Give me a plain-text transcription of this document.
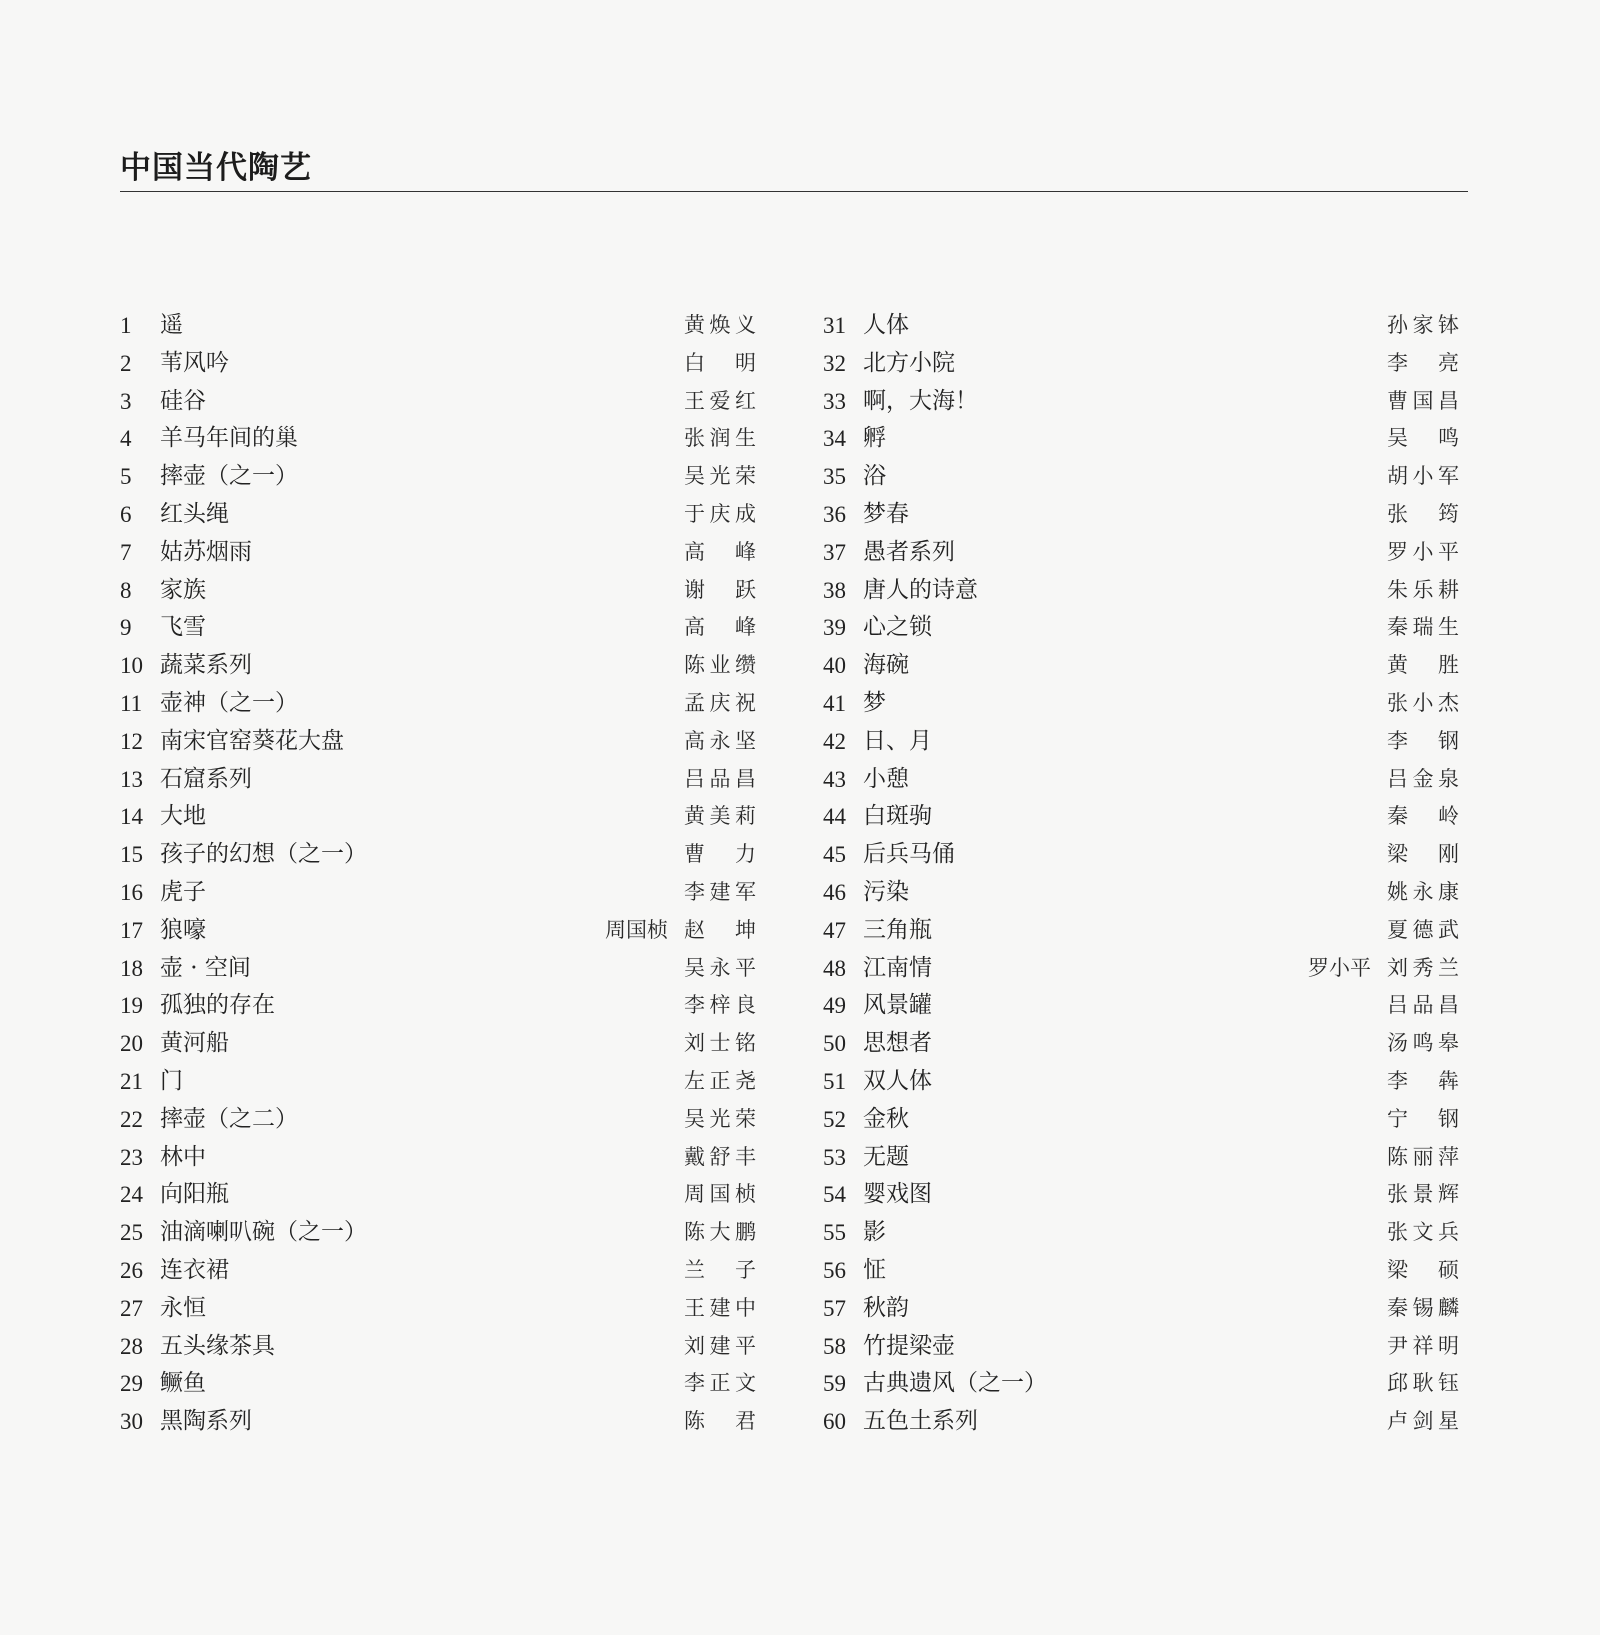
中国当代陶艺
1 遥	黄焕义
2 苇风吟	白 明
3 硅谷	王爱红
4 羊马年间的巢	张润生
5 摔壶（之一）	吴光荣
6 红头绳	于庆成
7 姑苏烟雨	高 峰
8 家族	谢 跃
9 飞雪	高 峰
10 蔬菜系列	陈业缵
11 壶神（之一）	孟庆祝
12 南宋官窑葵花大盘	高永坚
13 石窟系列	吕品昌
14 大地	黄美莉
15 孩子的幻想（之一）	曹 力
16 虎子	李建军
17 狼嚎	周国桢 赵 坤
18 壶 · 空间	吴永平
19 孤独的存在	李梓良
20 黄河船	刘士铭
21 门	左正尧
22 摔壶（之二）	吴光荣
23 林中	戴舒丰
24 向阳瓶	周国桢
25 油滴喇叭碗（之一）	陈大鹏
26 连衣裙	兰 子
27 永恒	王建中
28 五头缘茶具	刘建平
29 鳜鱼	李正文
30 黑陶系列	陈 君
31 人体	孙家钵
32 北方小院	李 亮
33 啊，大海！	曹国昌
34 孵	吴 鸣
35 浴	胡小军
36 梦春	张 筠
37 愚者系列	罗小平
38 唐人的诗意	朱乐耕
39 心之锁	秦瑞生
40 海碗	黄 胜
41 梦	张小杰
42 日、月	李 钢
43 小憩	吕金泉
44 白斑驹	秦 岭
45 后兵马俑	梁 刚
46 污染	姚永康
47 三角瓶	夏德武
48 江南情	罗小平 刘秀兰
49 风景罐	吕品昌
50 思想者	汤鸣皋
51 双人体	李 犇
52 金秋	宁 钢
53 无题	陈丽萍
54 婴戏图	张景辉
55 影	张文兵
56 怔	梁 硕
57 秋韵	秦锡麟
58 竹提梁壶	尹祥明
59 古典遗风（之一）	邱耿钰
60 五色土系列	卢剑星
